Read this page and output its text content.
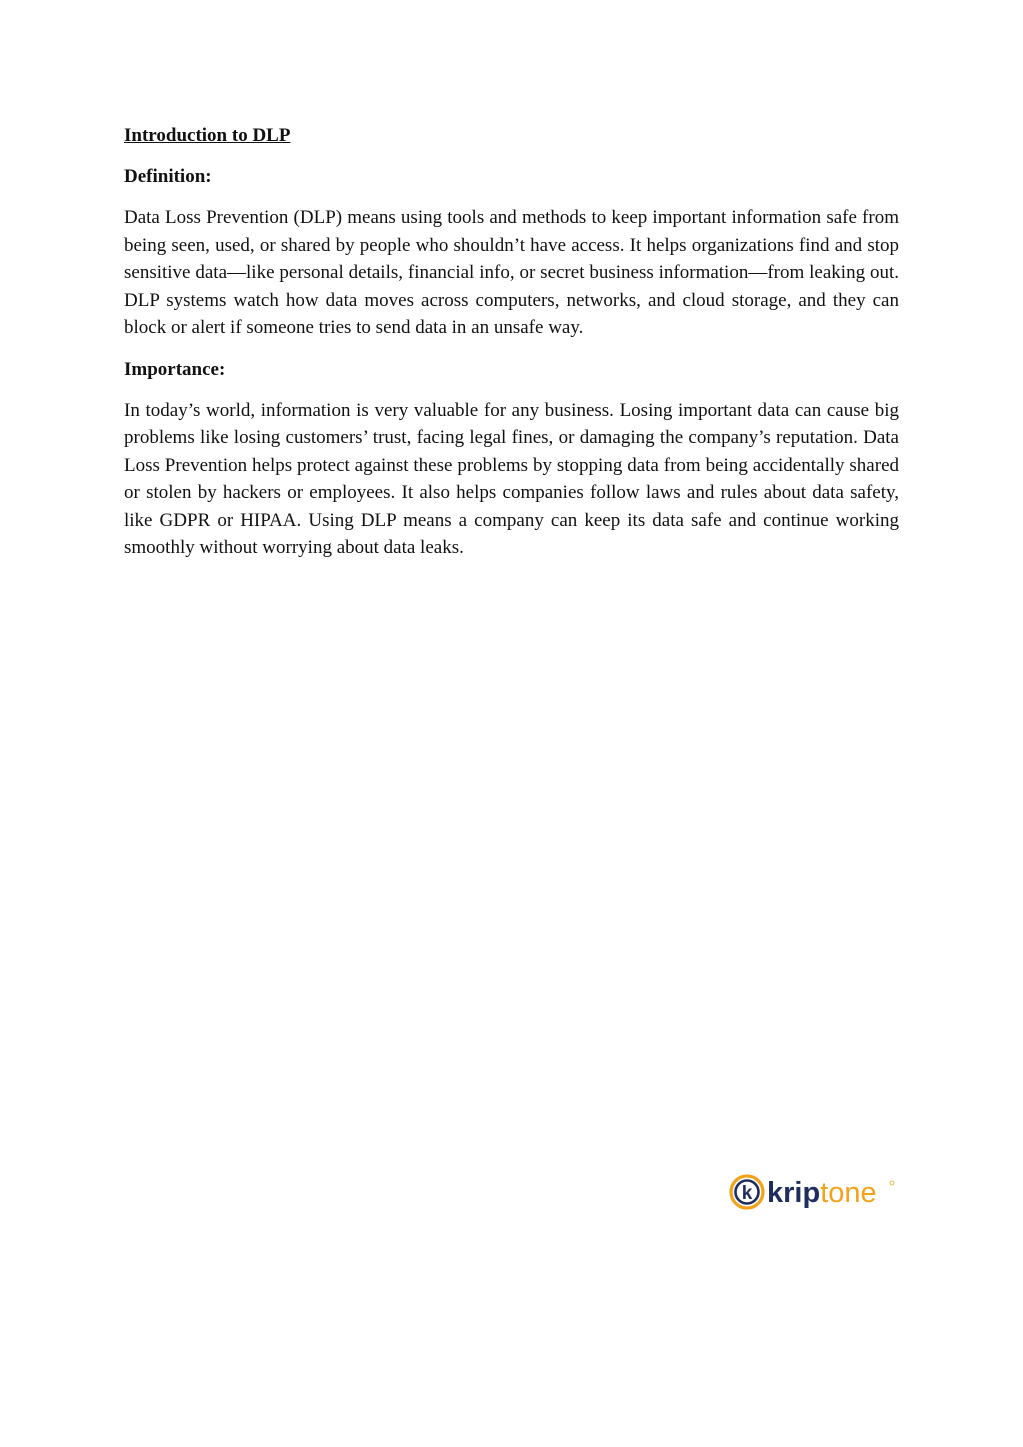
Introduction to DLP
Definition:

Data Loss Prevention (DLP) means using tools and methods to keep important information safe from being seen, used, or shared by people who shouldn’t have access. It helps organizations find and stop sensitive data—like personal details, financial info, or secret business information—from leaking out. DLP systems watch how data moves across computers, networks, and cloud storage, and they can block or alert if someone tries to send data in an unsafe way.

Importance:

In today’s world, information is very valuable for any business. Losing important data can cause big problems like losing customers’ trust, facing legal fines, or damaging the company’s reputation. Data Loss Prevention helps protect against these problems by stopping data from being accidentally shared or stolen by hackers or employees. It also helps companies follow laws and rules about data safety, like GDPR or HIPAA. Using DLP means a company can keep its data safe and continue working smoothly without worrying about data leaks.

k kriptone
